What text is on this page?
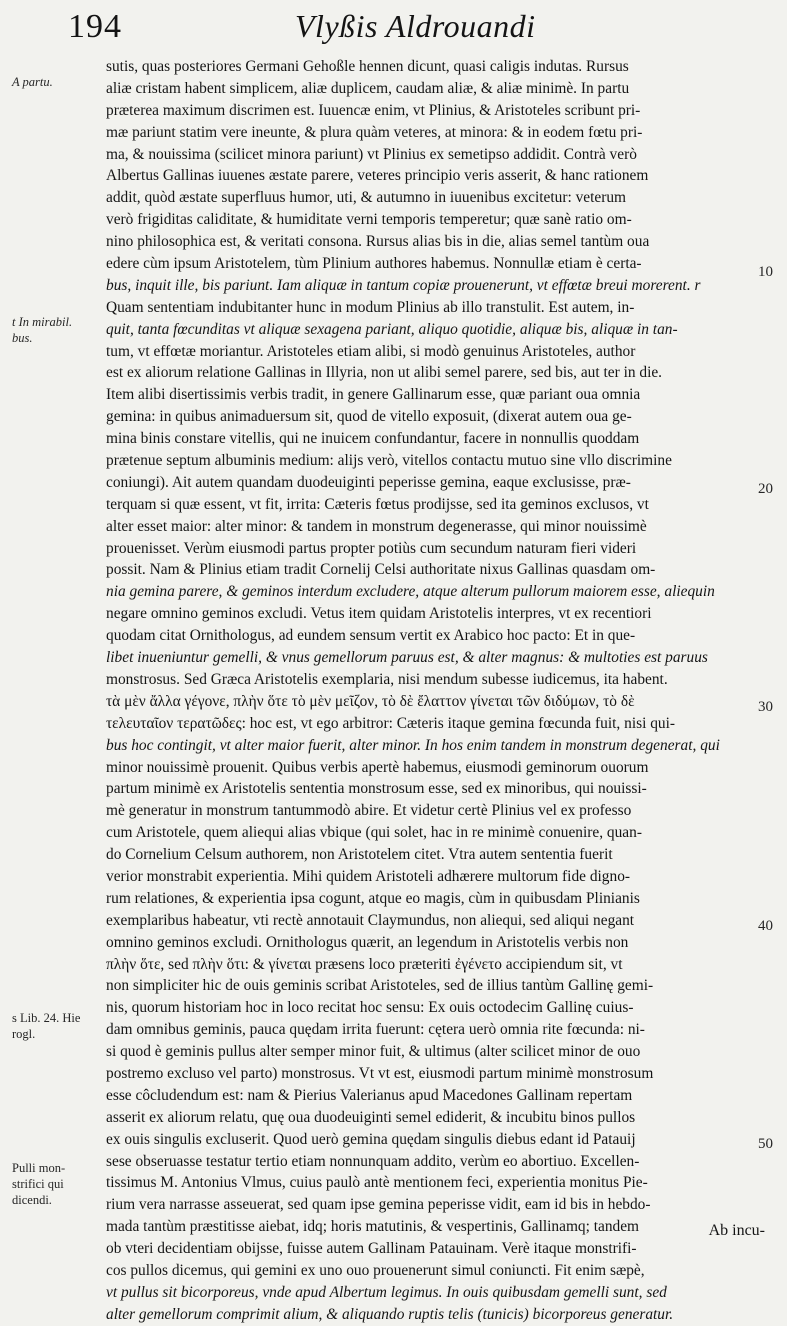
194	Vlyßis Aldrouandi
A partu.
t In mirabil. bus.
s Lib. 24. Hie rogl.
Pulli mon- strifici qui dicendi.
10
20
30
40
50
sutis, quas posteriores Germani Gehoßle hennen dicunt, quasi caligis indutas. Rursus
aliæ cristam habent simplicem, aliæ duplicem, caudam aliæ, & aliæ minimè. In partu
præterea maximum discrimen est. Iuuencæ enim, vt Plinius, & Aristoteles scribunt pri-
mæ pariunt statim vere ineunte, & plura quàm veteres, at minora: & in eodem fœtu pri-
ma, & nouissima (scilicet minora pariunt) vt Plinius ex semetipso addidit. Contrà verò
Albertus Gallinas iuuenes æstate parere, veteres principio veris asserit, & hanc rationem
addit, quòd æstate superfluus humor, uti, & autumno in iuuenibus excitetur: veterum
verò frigiditas caliditate, & humiditate verni temporis temperetur; quæ sanè ratio om-
nino philosophica est, & veritati consona. Rursus alias bis in die, alias semel tantùm oua
edere cùm ipsum Aristotelem, tùm Plinium authores habemus. Nonnullæ etiam è certa-
bus, inquit ille, bis pariunt. Iam aliquæ in tantum copiæ prouenerunt, vt effœtæ breui morerent. r
Quam sententiam indubitanter hunc in modum Plinius ab illo transtulit. Est autem, in-
quit, tanta fœcunditas vt aliquæ sexagena pariant, aliquo quotidie, aliquæ bis, aliquæ in tan-
tum, vt effœtæ moriantur. Aristoteles etiam alibi, si modò genuinus Aristoteles, author
est ex aliorum relatione Gallinas in Illyria, non ut alibi semel parere, sed bis, aut ter in die.
Item alibi disertissimis verbis tradit, in genere Gallinarum esse, quæ pariant oua omnia
gemina: in quibus animaduersum sit, quod de vitello exposuit, (dixerat autem oua ge-
mina binis constare vitellis, qui ne inuicem confundantur, facere in nonnullis quoddam
prætenue septum albuminis medium: alijs verò, vitellos contactu mutuo sine vllo discrimine
coniungi). Ait autem quandam duodeuiginti peperisse gemina, eaque exclusisse, præ-
terquam si quæ essent, vt fit, irrita: Cæteris fœtus prodijsse, sed ita geminos exclusos, vt
alter esset maior: alter minor: & tandem in monstrum degenerasse, qui minor nouissimè
prouenisset. Verùm eiusmodi partus propter potiùs cum secundum naturam fieri videri
possit. Nam & Plinius etiam tradit Cornelij Celsi authoritate nixus Gallinas quasdam om-
nia gemina parere, & geminos interdum excludere, atque alterum pullorum maiorem esse, aliequin
negare omnino geminos excludi. Vetus item quidam Aristotelis interpres, vt ex recentiori
quodam citat Ornithologus, ad eundem sensum vertit ex Arabico hoc pacto: Et in que-
libet inueniuntur gemelli, & vnus gemellorum paruus est, & alter magnus: & multoties est paruus
monstrosus. Sed Græca Aristotelis exemplaria, nisi mendum subesse iudicemus, ita habent.
τὰ μὲν ἄλλα γέγονε, πλὴν ὅτε τὸ μὲν μεῖζον, τὸ δὲ ἔλαττον γίνεται τῶν διδύμων, τὸ δὲ
τελευταῖον τερατῶδες: hoc est, vt ego arbitror: Cæteris itaque gemina fœcunda fuit, nisi qui-
bus hoc contingit, vt alter maior fuerit, alter minor. In hos enim tandem in monstrum degenerat, qui
minor nouissimè prouenit. Quibus verbis apertè habemus, eiusmodi geminorum ouorum
partum minimè ex Aristotelis sententia monstrosum esse, sed ex minoribus, qui nouissi-
mè generatur in monstrum tantummodò abire. Et videtur certè Plinius vel ex professo
cum Aristotele, quem aliequi alias vbique (qui solet, hac in re minimè conuenire, quan-
do Cornelium Celsum authorem, non Aristotelem citet. Vtra autem sententia fuerit
verior monstrabit experientia. Mihi quidem Aristoteli adhærere multorum fide digno-
rum relationes, & experientia ipsa cogunt, atque eo magis, cùm in quibusdam Plinianis
exemplaribus habeatur, vti rectè annotauit Claymundus, non aliequi, sed aliqui negant
omnino geminos excludi. Ornithologus quærit, an legendum in Aristotelis verbis non
πλὴν ὅτε, sed πλὴν ὅτι: & γίνεται præsens loco præteriti ἐγένετο accipiendum sit, vt
non simpliciter hic de ouis geminis scribat Aristoteles, sed de illius tantùm Gallinę gemi-
nis, quorum historiam hoc in loco recitat hoc sensu: Ex ouis octodecim Gallinę cuius-
dam omnibus geminis, pauca quędam irrita fuerunt: cętera uerò omnia rite fœcunda: ni-
si quod è geminis pullus alter semper minor fuit, & ultimus (alter scilicet minor de ouo
postremo excluso vel parto) monstrosus. Vt vt est, eiusmodi partum minimè monstrosum
esse côcludendum est: nam & Pierius Valerianus apud Macedones Gallinam repertam
asserit ex aliorum relatu, quę oua duodeuiginti semel ediderit, & incubitu binos pullos
ex ouis singulis excluserit. Quod uerò gemina quędam singulis diebus edant id Patauij
sese obseruasse testatur tertio etiam nonnunquam addito, verùm eo abortiuo. Excellen-
tissimus M. Antonius Vlmus, cuius paulò antè mentionem feci, experientia monitus Pie-
rium vera narrasse asseuerat, sed quam ipse gemina peperisse vidit, eam id bis in hebdo-
mada tantùm præstitisse aiebat, idq; horis matutinis, & vespertinis, Gallinamq; tandem
ob vteri decidentiam obijsse, fuisse autem Gallinam Patauinam. Verè itaque monstrifi-
cos pullos dicemus, qui gemini ex uno ouo prouenerunt simul coniuncti. Fit enim sæpè,
vt pullus sit bicorporeus, vnde apud Albertum legimus. In ouis quibusdam gemelli sunt, sed
alter gemellorum comprimit alium, & aliquando ruptis telis (tunicis) bicorporeus generatur.
Ab incu-
